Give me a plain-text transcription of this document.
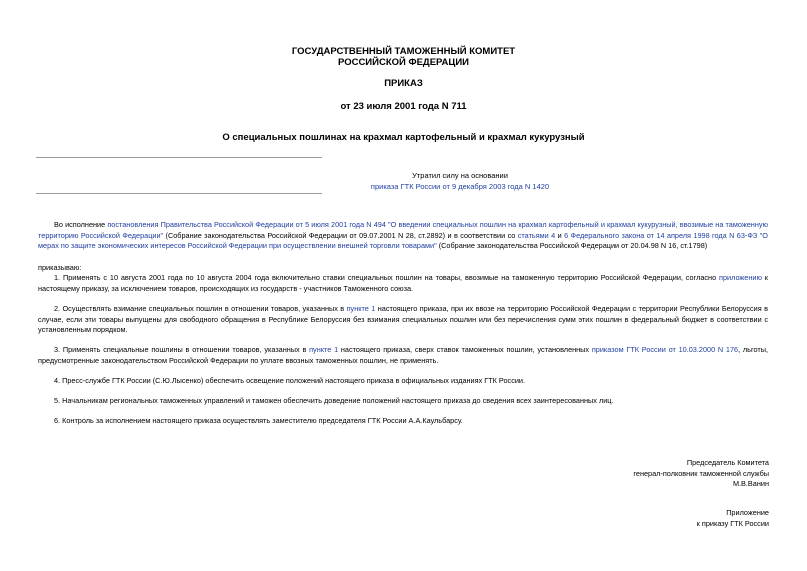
ГОСУДАРСТВЕННЫЙ ТАМОЖЕННЫЙ КОМИТЕТ
РОССИЙСКОЙ ФЕДЕРАЦИИ
ПРИКАЗ
от 23 июля 2001 года N 711
О специальных пошлинах на крахмал картофельный и крахмал кукурузный
Утратил силу на основании
приказа ГТК России от 9 декабря 2003 года N 1420
Во исполнение постановления Правительства Российской Федерации от 5 июля 2001 года N 494 "О введении специальных пошлин на крахмал картофельный и крахмал кукурузный, ввозимые на таможенную территорию Российской Федерации" (Собрание законодательства Российской Федерации от 09.07.2001 N 28, ст.2892) и в соответствии со статьями 4 и 6 Федерального закона от 14 апреля 1998 года N 63-ФЗ "О мерах по защите экономических интересов Российской Федерации при осуществлении внешней торговли товарами" (Собрание законодательства Российской Федерации от 20.04.98 N 16, ст.1798)
приказываю:
1. Применять с 10 августа 2001 года по 10 августа 2004 года включительно ставки специальных пошлин на товары, ввозимые на таможенную территорию Российской Федерации, согласно приложению к настоящему приказу, за исключением товаров, происходящих из государств - участников Таможенного союза.
2. Осуществлять взимание специальных пошлин в отношении товаров, указанных в пункте 1 настоящего приказа, при их ввозе на территорию Российской Федерации с территории Республики Белоруссия в случае, если эти товары выпущены для свободного обращения в Республике Белоруссия без взимания специальных пошлин или без перечисления сумм этих пошлин в федеральный бюджет в соответствии с установленным порядком.
3. Применять специальные пошлины в отношении товаров, указанных в пункте 1 настоящего приказа, сверх ставок таможенных пошлин, установленных приказом ГТК России от 10.03.2000 N 176, льготы, предусмотренные законодательством Российской Федерации по уплате ввозных таможенных пошлин, не применять.
4. Пресс-службе ГТК России (С.Ю.Лысенко) обеспечить освещение положений настоящего приказа в официальных изданиях ГТК России.
5. Начальникам региональных таможенных управлений и таможен обеспечить доведение положений настоящего приказа до сведения всех заинтересованных лиц.
6. Контроль за исполнением настоящего приказа осуществлять заместителю председателя ГТК России А.А.Каульбарсу.
Председатель Комитета
генерал-полковник таможенной службы
М.В.Ванин
Приложение
к приказу ГТК России
